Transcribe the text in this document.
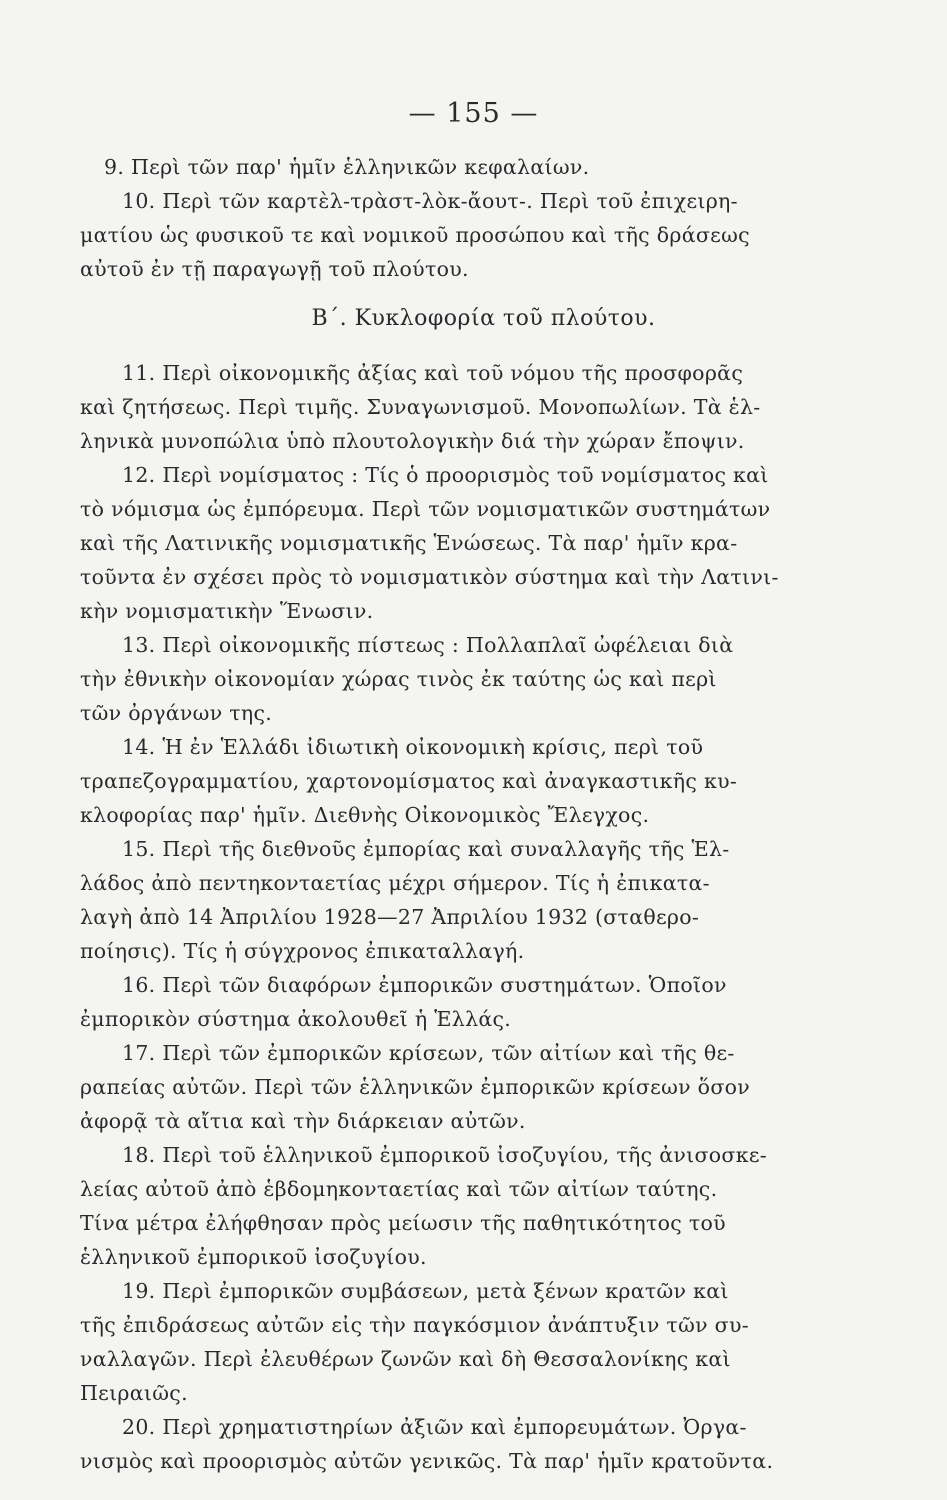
— 155 —
9. Περὶ τῶν παρ' ἡμῖν ἑλληνικῶν κεφαλαίων.
10. Περὶ τῶν καρτὲλ-τρὰστ-λὸκ-ἄουτ-. Περὶ τοῦ ἐπιχειρη-
ματίου ὡς φυσικοῦ τε καὶ νομικοῦ προσώπου καὶ τῆς δράσεως
αὐτοῦ ἐν τῇ παραγωγῇ τοῦ πλούτου.
Β΄. Κυκλοφορία τοῦ πλούτου.
11. Περὶ οἰκονομικῆς ἀξίας καὶ τοῦ νόμου τῆς προσφορᾶς
καὶ ζητήσεως. Περὶ τιμῆς. Συναγωνισμοῦ. Μονοπωλίων. Τὰ ἑλ-
ληνικὰ μυνοπώλια ὑπὸ πλουτολογικὴν διά τὴν χώραν ἔποψιν.
12. Περὶ νομίσματος : Τίς ὁ προορισμὸς τοῦ νομίσματος καὶ
τὸ νόμισμα ὡς ἐμπόρευμα. Περὶ τῶν νομισματικῶν συστημάτων
καὶ τῆς Λατινικῆς νομισματικῆς Ἑνώσεως. Τὰ παρ' ἡμῖν κρα-
τοῦντα ἐν σχέσει πρὸς τὸ νομισματικὸν σύστημα καὶ τὴν Λατινι-
κὴν νομισματικὴν Ἕνωσιν.
13. Περὶ οἰκονομικῆς πίστεως : Πολλαπλαῖ ὠφέλειαι διὰ
τὴν ἐθνικὴν οἰκονομίαν χώρας τινὸς ἐκ ταύτης ὡς καὶ περὶ
τῶν ὀργάνων της.
14. Ἡ ἐν Ἑλλάδι ἰδιωτικὴ οἰκονομικὴ κρίσις, περὶ τοῦ
τραπεζογραμματίου, χαρτονομίσματος καὶ ἀναγκαστικῆς κυ-
κλοφορίας παρ' ἡμῖν. Διεθνὴς Οἰκονομικὸς Ἔλεγχος.
15. Περὶ τῆς διεθνοῦς ἐμπορίας καὶ συναλλαγῆς τῆς Ἑλ-
λάδος ἀπὸ πεντηκονταετίας μέχρι σήμερον. Τίς ἡ ἐπικατα-
λαγὴ ἀπὸ 14 Ἀπριλίου 1928—27 Ἀπριλίου 1932 (σταθερο-
ποίησις). Τίς ἡ σύγχρονος ἐπικαταλλαγή.
16. Περὶ τῶν διαφόρων ἐμπορικῶν συστημάτων. Ὁποῖον
ἐμπορικὸν σύστημα ἀκολουθεῖ ἡ Ἑλλάς.
17. Περὶ τῶν ἐμπορικῶν κρίσεων, τῶν αἰτίων καὶ τῆς θε-
ραπείας αὐτῶν. Περὶ τῶν ἑλληνικῶν ἐμπορικῶν κρίσεων ὅσον
ἀφορᾷ τὰ αἴτια καὶ τὴν διάρκειαν αὐτῶν.
18. Περὶ τοῦ ἑλληνικοῦ ἐμπορικοῦ ἰσοζυγίου, τῆς ἀνισοσκε-
λείας αὐτοῦ ἀπὸ ἑβδομηκονταετίας καὶ τῶν αἰτίων ταύτης.
Τίνα μέτρα ἐλήφθησαν πρὸς μείωσιν τῆς παθητικότητος τοῦ
ἑλληνικοῦ ἐμπορικοῦ ἰσοζυγίου.
19. Περὶ ἐμπορικῶν συμβάσεων, μετὰ ξένων κρατῶν καὶ
τῆς ἐπιδράσεως αὐτῶν εἰς τὴν παγκόσμιον ἀνάπτυξιν τῶν συ-
ναλλαγῶν. Περὶ ἐλευθέρων ζωνῶν καὶ δὴ Θεσσαλονίκης καὶ
Πειραιῶς.
20. Περὶ χρηματιστηρίων ἀξιῶν καὶ ἐμπορευμάτων. Ὀργα-
νισμὸς καὶ προορισμὸς αὐτῶν γενικῶς. Τὰ παρ' ἡμῖν κρατοῦντα.
